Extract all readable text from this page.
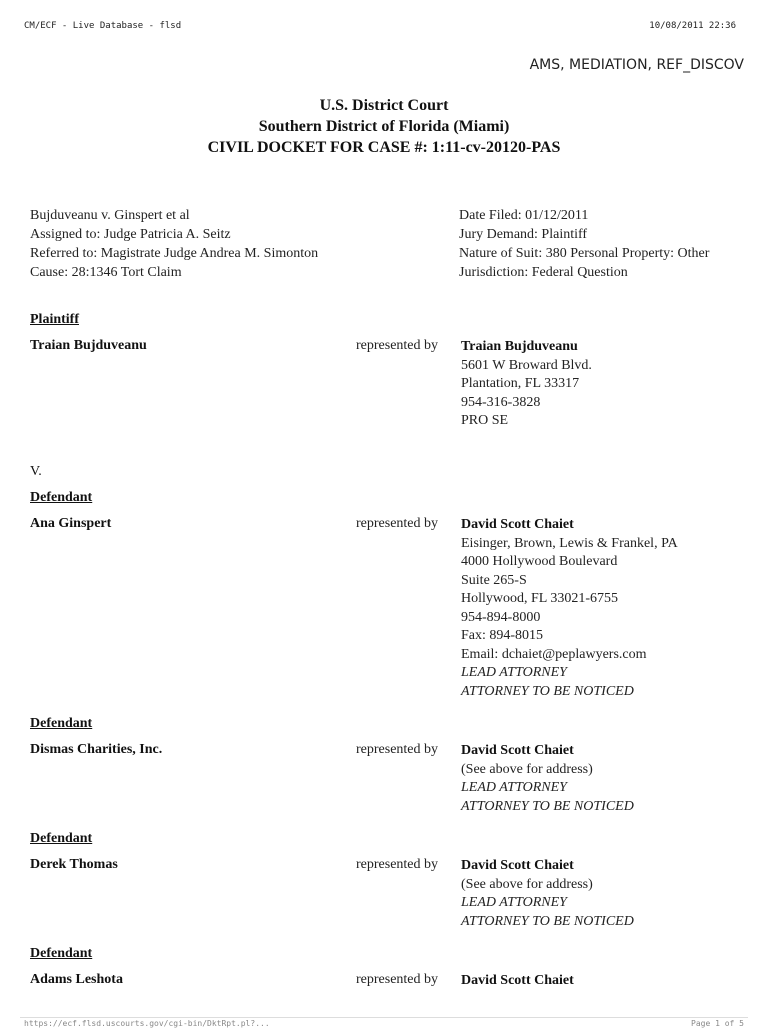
CM/ECF - Live Database - flsd	10/08/2011 22:36
AMS, MEDIATION, REF_DISCOV
U.S. District Court
Southern District of Florida (Miami)
CIVIL DOCKET FOR CASE #: 1:11-cv-20120-PAS
Bujduveanu v. Ginspert et al
Assigned to: Judge Patricia A. Seitz
Referred to: Magistrate Judge Andrea M. Simonton
Cause: 28:1346 Tort Claim
Date Filed: 01/12/2011
Jury Demand: Plaintiff
Nature of Suit: 380 Personal Property: Other
Jurisdiction: Federal Question
Plaintiff
Traian Bujduveanu	represented by Traian Bujduveanu
5601 W Broward Blvd.
Plantation, FL 33317
954-316-3828
PRO SE
V.
Defendant
Ana Ginspert	represented by David Scott Chaiet
Eisinger, Brown, Lewis & Frankel, PA
4000 Hollywood Boulevard
Suite 265-S
Hollywood, FL 33021-6755
954-894-8000
Fax: 894-8015
Email: dchaiet@peplawyers.com
LEAD ATTORNEY
ATTORNEY TO BE NOTICED
Defendant
Dismas Charities, Inc.	represented by David Scott Chaiet
(See above for address)
LEAD ATTORNEY
ATTORNEY TO BE NOTICED
Defendant
Derek Thomas	represented by David Scott Chaiet
(See above for address)
LEAD ATTORNEY
ATTORNEY TO BE NOTICED
Defendant
Adams Leshota	represented by David Scott Chaiet
https://ecf.flsd.uscourts.gov/cgi-bin/DktRpt.pl?...	Page 1 of 5
